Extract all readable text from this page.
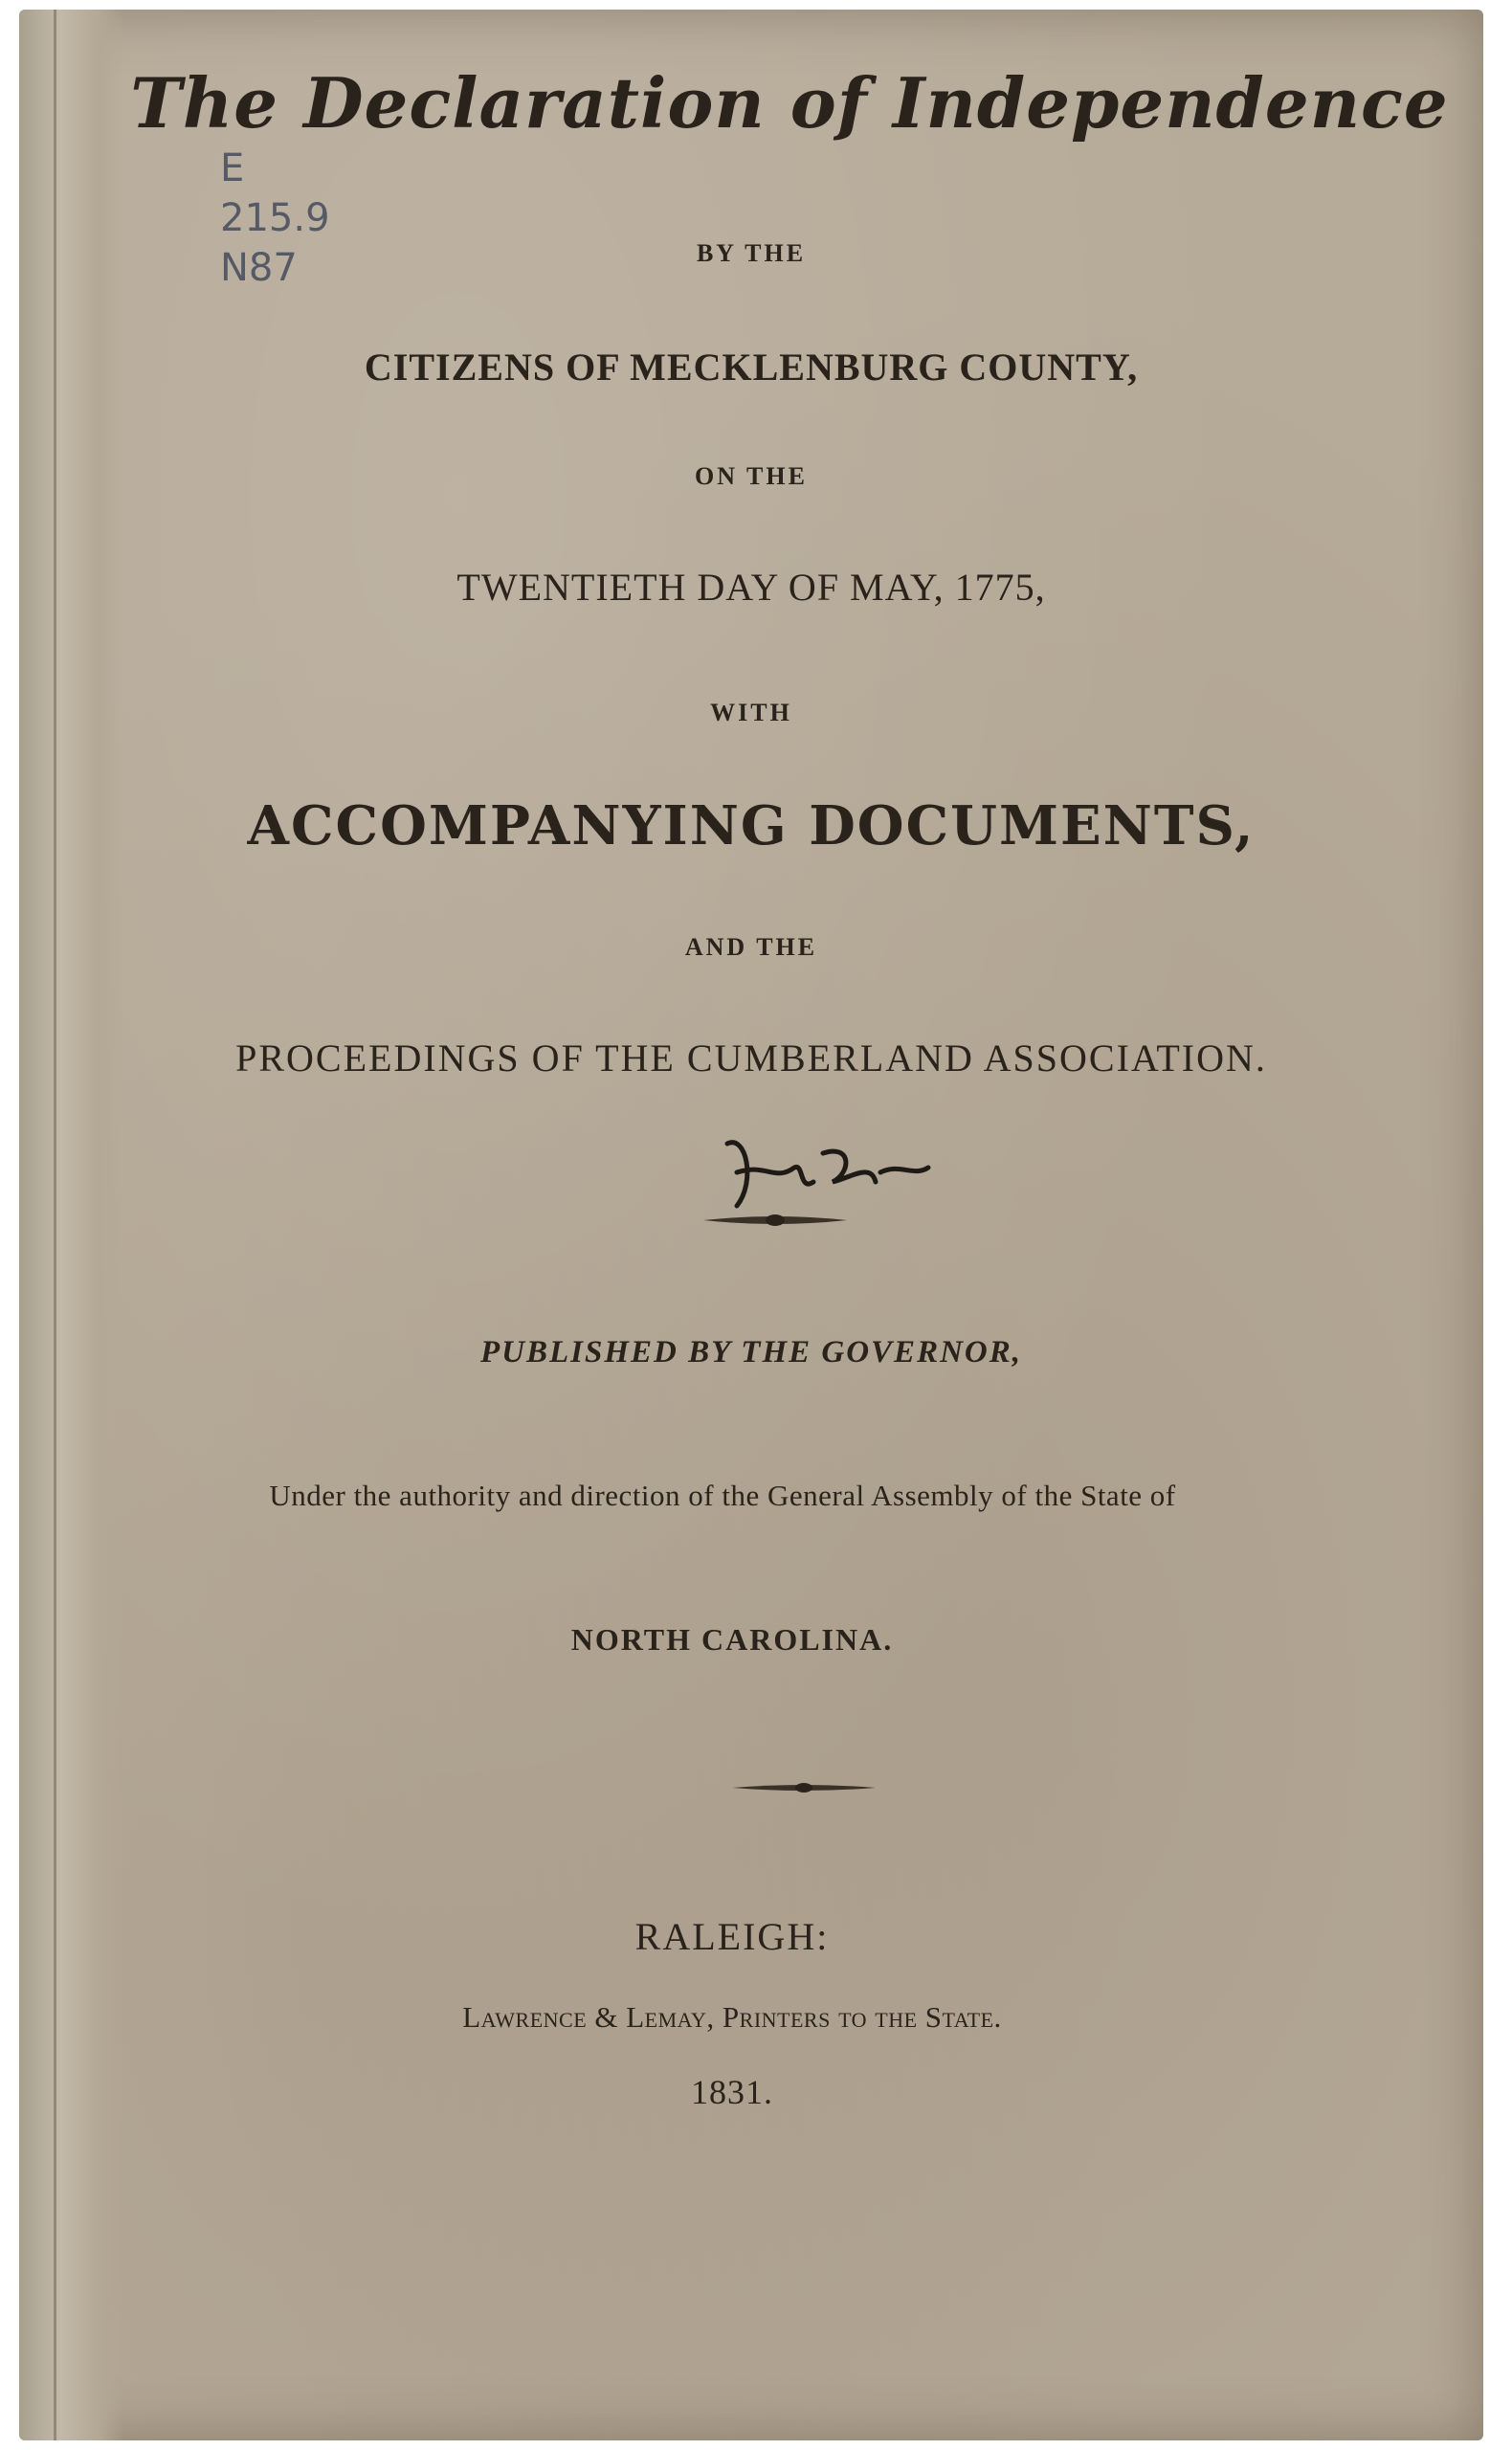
E
215.9
N87
The Declaration of Independence
BY THE
CITIZENS OF MECKLENBURG COUNTY,
ON THE
TWENTIETH DAY OF MAY, 1775,
WITH
ACCOMPANYING DOCUMENTS,
AND THE
PROCEEDINGS OF THE CUMBERLAND ASSOCIATION.
PUBLISHED BY THE GOVERNOR,
Under the authority and direction of the General Assembly of the State of
NORTH CAROLINA.
RALEIGH:
Lawrence & Lemay, Printers to the State.
1831.
